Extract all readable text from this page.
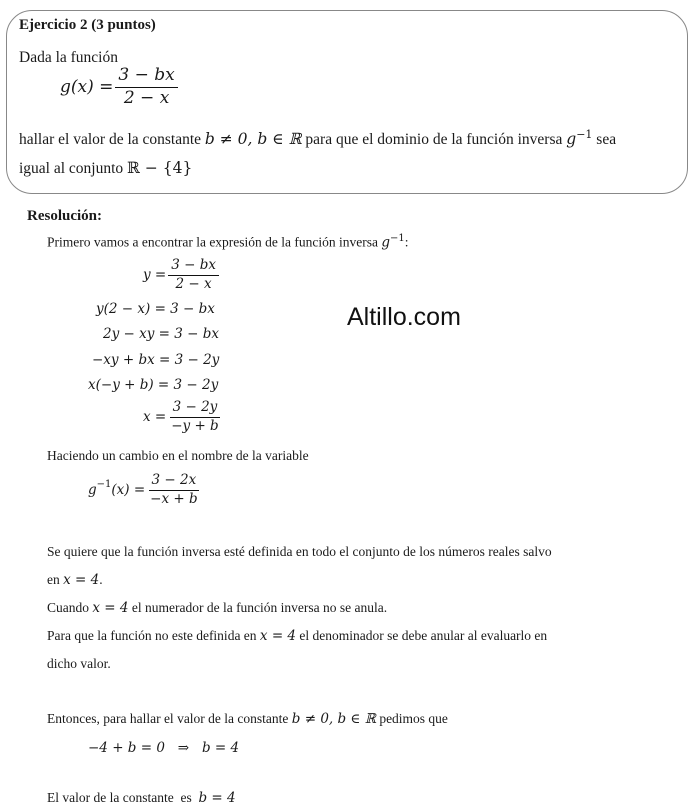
Ejercicio 2 (3 puntos)
Dada la función
$g(x) = \frac{3 - bx}{2 - x}$
hallar el valor de la constante b ≠ 0, b ∈ ℝ para que el dominio de la función inversa $g^{-1}$ sea
igual al conjunto ℝ − {4}
Resolución:
Primero vamos a encontrar la expresión de la función inversa $g^{-1}$:
$y = \frac{3 - bx}{2 - x}$
y(2 − x) = 3 − bx
2y − xy = 3 − bx
−xy + bx = 3 − 2y
x(−y + b) = 3 − 2y
$x = \frac{3 - 2y}{-y + b}$
Haciendo un cambio en el nombre de la variable
$g^{-1}$ $(x) = \frac{3 - 2x}{-x + b}$
Se quiere que la función inversa esté definida en todo el conjunto de los números reales salvo
en x = 4.
Cuando x = 4 el numerador de la función inversa no se anula.
Para que la función no este definida en x = 4 el denominador se debe anular al evaluarlo en
dicho valor.
Entonces, para hallar el valor de la constante b ≠ 0, b ∈ ℝ pedimos que
−4 + b = 0   ⇒   b = 4
El valor de la constante  es  b = 4
Altillo.com
